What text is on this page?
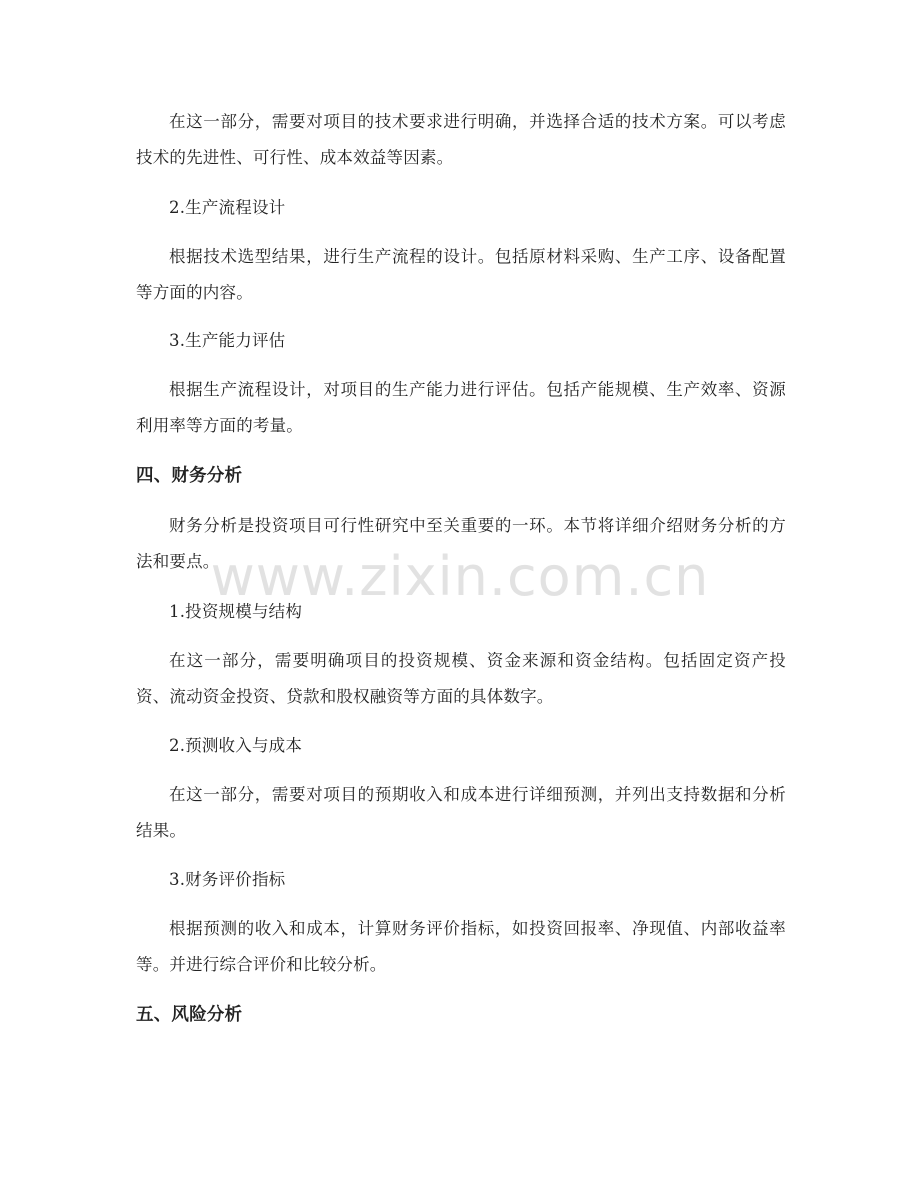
在这一部分，需要对项目的技术要求进行明确，并选择合适的技术方案。可以考虑技术的先进性、可行性、成本效益等因素。

2.生产流程设计

根据技术选型结果，进行生产流程的设计。包括原材料采购、生产工序、设备配置等方面的内容。

3.生产能力评估

根据生产流程设计，对项目的生产能力进行评估。包括产能规模、生产效率、资源利用率等方面的考量。

四、财务分析

财务分析是投资项目可行性研究中至关重要的一环。本节将详细介绍财务分析的方法和要点。

1.投资规模与结构

在这一部分，需要明确项目的投资规模、资金来源和资金结构。包括固定资产投资、流动资金投资、贷款和股权融资等方面的具体数字。

2.预测收入与成本

在这一部分，需要对项目的预期收入和成本进行详细预测，并列出支持数据和分析结果。

3.财务评价指标

根据预测的收入和成本，计算财务评价指标，如投资回报率、净现值、内部收益率等。并进行综合评价和比较分析。

五、风险分析

www.zixin.com.cn
